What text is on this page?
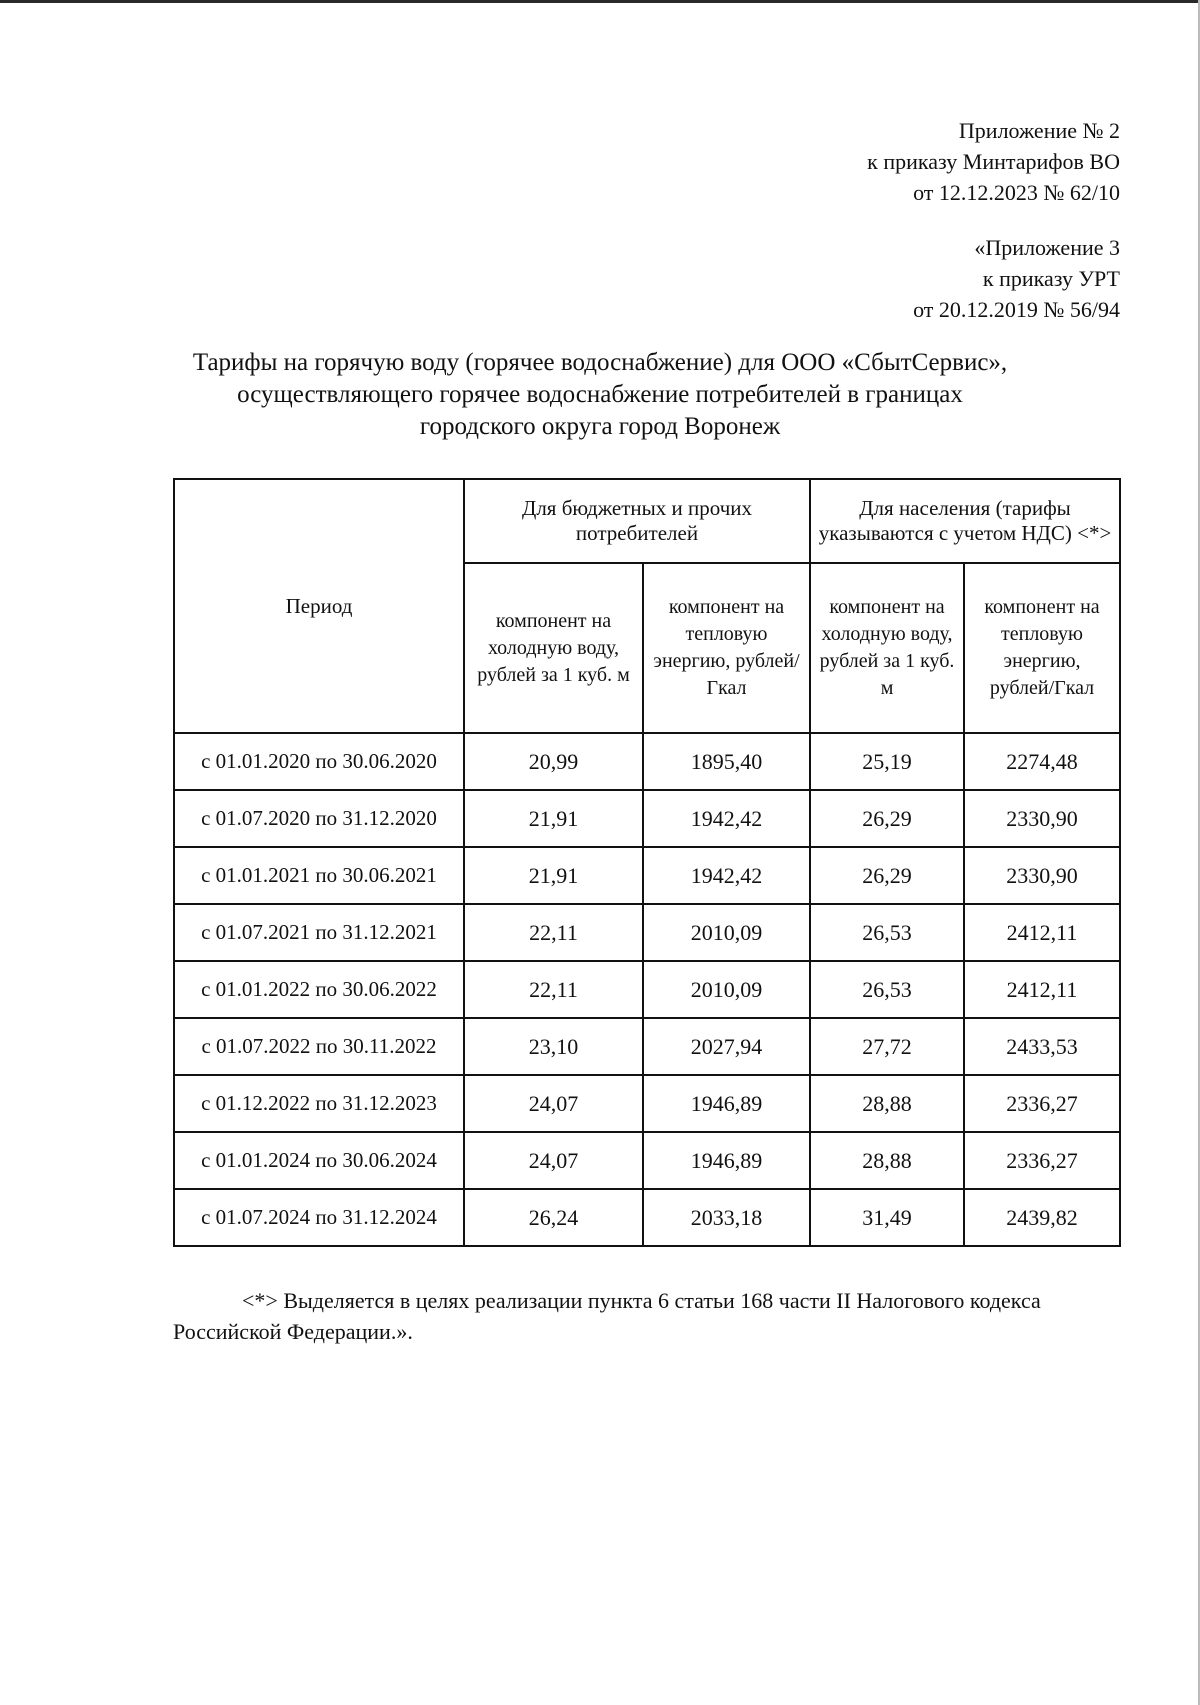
Приложение № 2
к приказу Минтарифов ВО
от 12.12.2023 № 62/10
«Приложение 3
к приказу УРТ
от 20.12.2019 № 56/94
Тарифы на горячую воду (горячее водоснабжение) для ООО «СбытСервис»,
осуществляющего горячее водоснабжение потребителей в границах
городского округа город Воронеж
Период	Для бюджетных и прочих потребителей		Для населения (тарифы указываются с учетом НДС) <*>	
	компонент на холодную воду, рублей за 1 куб. м	компонент на тепловую энергию, рублей/Гкал	компонент на холодную воду, рублей за 1 куб. м	компонент на тепловую энергию, рублей/Гкал
с 01.01.2020 по 30.06.2020	20,99	1895,40	25,19	2274,48
с 01.07.2020 по 31.12.2020	21,91	1942,42	26,29	2330,90
с 01.01.2021 по 30.06.2021	21,91	1942,42	26,29	2330,90
с 01.07.2021 по 31.12.2021	22,11	2010,09	26,53	2412,11
с 01.01.2022 по 30.06.2022	22,11	2010,09	26,53	2412,11
с 01.07.2022 по 30.11.2022	23,10	2027,94	27,72	2433,53
с 01.12.2022 по 31.12.2023	24,07	1946,89	28,88	2336,27
с 01.01.2024 по 30.06.2024	24,07	1946,89	28,88	2336,27
с 01.07.2024 по 31.12.2024	26,24	2033,18	31,49	2439,82
<*> Выделяется в целях реализации пункта 6 статьи 168 части II Налогового кодекса Российской Федерации.».
